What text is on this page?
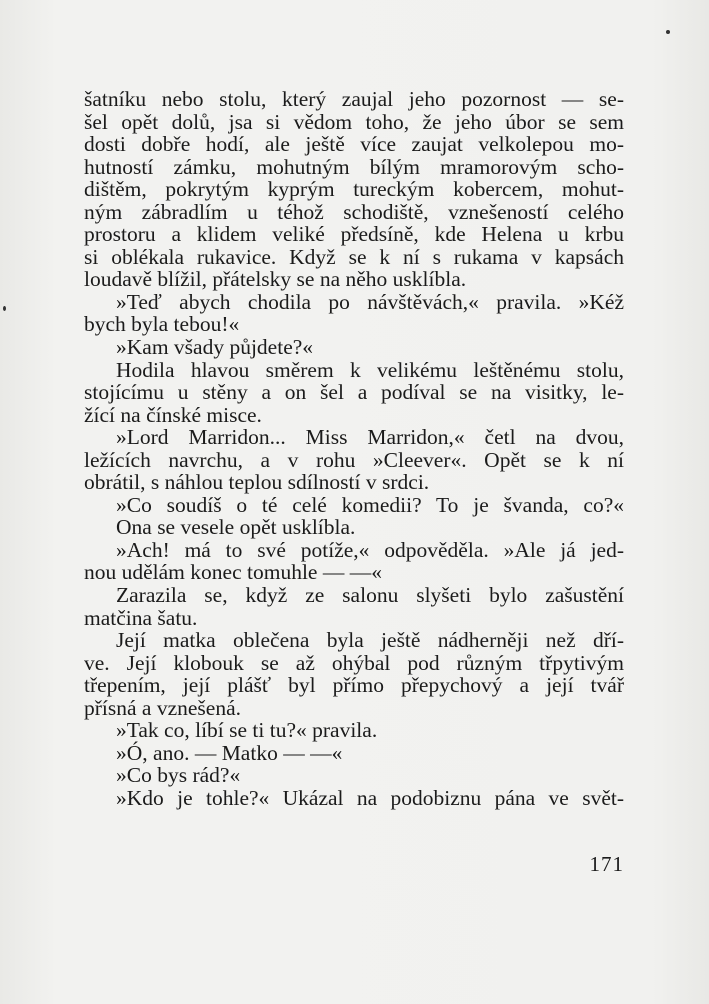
šatníku nebo stolu, který zaujal jeho pozornost — se-
šel opět dolů, jsa si vědom toho, že jeho úbor se sem
dosti dobře hodí, ale ještě více zaujat velkolepou mo-
hutností zámku, mohutným bílým mramorovým scho-
dištěm, pokrytým kyprým tureckým kobercem, mohut-
ným zábradlím u téhož schodiště, vznešeností celého
prostoru a klidem veliké předsíně, kde Helena u krbu
si oblékala rukavice. Když se k ní s rukama v kapsách
loudavě blížil, přátelsky se na něho usklíbla.
»Teď abych chodila po návštěvách,« pravila. »Kéž
bych byla tebou!«
»Kam všady půjdete?«
Hodila hlavou směrem k velikému leštěnému stolu,
stojícímu u stěny a on šel a podíval se na visitky, le-
žící na čínské misce.
»Lord Marridon... Miss Marridon,« četl na dvou,
ležících navrchu, a v rohu »Cleever«. Opět se k ní
obrátil, s náhlou teplou sdílností v srdci.
»Co soudíš o té celé komedii? To je švanda, co?«
Ona se vesele opět usklíbla.
»Ach! má to své potíže,« odpověděla. »Ale já jed-
nou udělám konec tomuhle — —«
Zarazila se, když ze salonu slyšeti bylo zašustění
matčina šatu.
Její matka oblečena byla ještě nádherněji než dří-
ve. Její klobouk se až ohýbal pod různým třpytivým
třepením, její plášť byl přímo přepychový a její tvář
přísná a vznešená.
»Tak co, líbí se ti tu?« pravila.
»Ó, ano. — Matko — —«
»Co bys rád?«
»Kdo je tohle?« Ukázal na podobiznu pána ve svět-
171
